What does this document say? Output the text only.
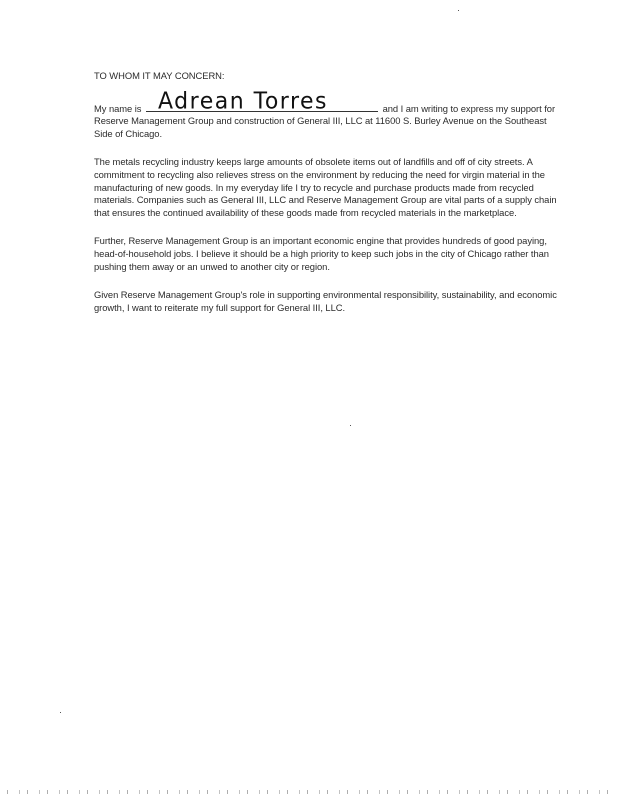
TO WHOM IT MAY CONCERN:

My name is Adrean Torres	and I am writing to express my support for Reserve Management Group and construction of General III, LLC at 11600 S. Burley Avenue on the Southeast Side of Chicago.

The metals recycling industry keeps large amounts of obsolete items out of landfills and off of city streets. A commitment to recycling also relieves stress on the environment by reducing the need for virgin material in the manufacturing of new goods. In my everyday life I try to recycle and purchase products made from recycled materials. Companies such as General III, LLC and Reserve Management Group are vital parts of a supply chain that ensures the continued availability of these goods made from recycled materials in the marketplace.

Further, Reserve Management Group is an important economic engine that provides hundreds of good paying, head-of-household jobs. I believe it should be a high priority to keep such jobs in the city of Chicago rather than pushing them away or an unwed to another city or region.

Given Reserve Management Group's role in supporting environmental responsibility, sustainability, and economic growth, I want to reiterate my full support for General III, LLC.
